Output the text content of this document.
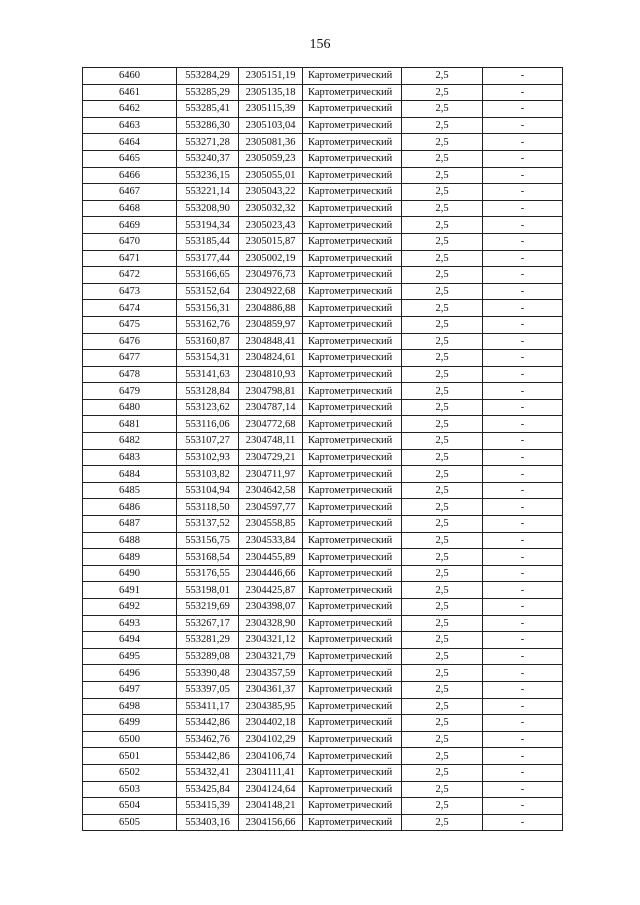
156
6460	553284,29	2305151,19	Картометрический	2,5	-
6461	553285,29	2305135,18	Картометрический	2,5	-
6462	553285,41	2305115,39	Картометрический	2,5	-
6463	553286,30	2305103,04	Картометрический	2,5	-
6464	553271,28	2305081,36	Картометрический	2,5	-
6465	553240,37	2305059,23	Картометрический	2,5	-
6466	553236,15	2305055,01	Картометрический	2,5	-
6467	553221,14	2305043,22	Картометрический	2,5	-
6468	553208,90	2305032,32	Картометрический	2,5	-
6469	553194,34	2305023,43	Картометрический	2,5	-
6470	553185,44	2305015,87	Картометрический	2,5	-
6471	553177,44	2305002,19	Картометрический	2,5	-
6472	553166,65	2304976,73	Картометрический	2,5	-
6473	553152,64	2304922,68	Картометрический	2,5	-
6474	553156,31	2304886,88	Картометрический	2,5	-
6475	553162,76	2304859,97	Картометрический	2,5	-
6476	553160,87	2304848,41	Картометрический	2,5	-
6477	553154,31	2304824,61	Картометрический	2,5	-
6478	553141,63	2304810,93	Картометрический	2,5	-
6479	553128,84	2304798,81	Картометрический	2,5	-
6480	553123,62	2304787,14	Картометрический	2,5	-
6481	553116,06	2304772,68	Картометрический	2,5	-
6482	553107,27	2304748,11	Картометрический	2,5	-
6483	553102,93	2304729,21	Картометрический	2,5	-
6484	553103,82	2304711,97	Картометрический	2,5	-
6485	553104,94	2304642,58	Картометрический	2,5	-
6486	553118,50	2304597,77	Картометрический	2,5	-
6487	553137,52	2304558,85	Картометрический	2,5	-
6488	553156,75	2304533,84	Картометрический	2,5	-
6489	553168,54	2304455,89	Картометрический	2,5	-
6490	553176,55	2304446,66	Картометрический	2,5	-
6491	553198,01	2304425,87	Картометрический	2,5	-
6492	553219,69	2304398,07	Картометрический	2,5	-
6493	553267,17	2304328,90	Картометрический	2,5	-
6494	553281,29	2304321,12	Картометрический	2,5	-
6495	553289,08	2304321,79	Картометрический	2,5	-
6496	553390,48	2304357,59	Картометрический	2,5	-
6497	553397,05	2304361,37	Картометрический	2,5	-
6498	553411,17	2304385,95	Картометрический	2,5	-
6499	553442,86	2304402,18	Картометрический	2,5	-
6500	553462,76	2304102,29	Картометрический	2,5	-
6501	553442,86	2304106,74	Картометрический	2,5	-
6502	553432,41	2304111,41	Картометрический	2,5	-
6503	553425,84	2304124,64	Картометрический	2,5	-
6504	553415,39	2304148,21	Картометрический	2,5	-
6505	553403,16	2304156,66	Картометрический	2,5	-
